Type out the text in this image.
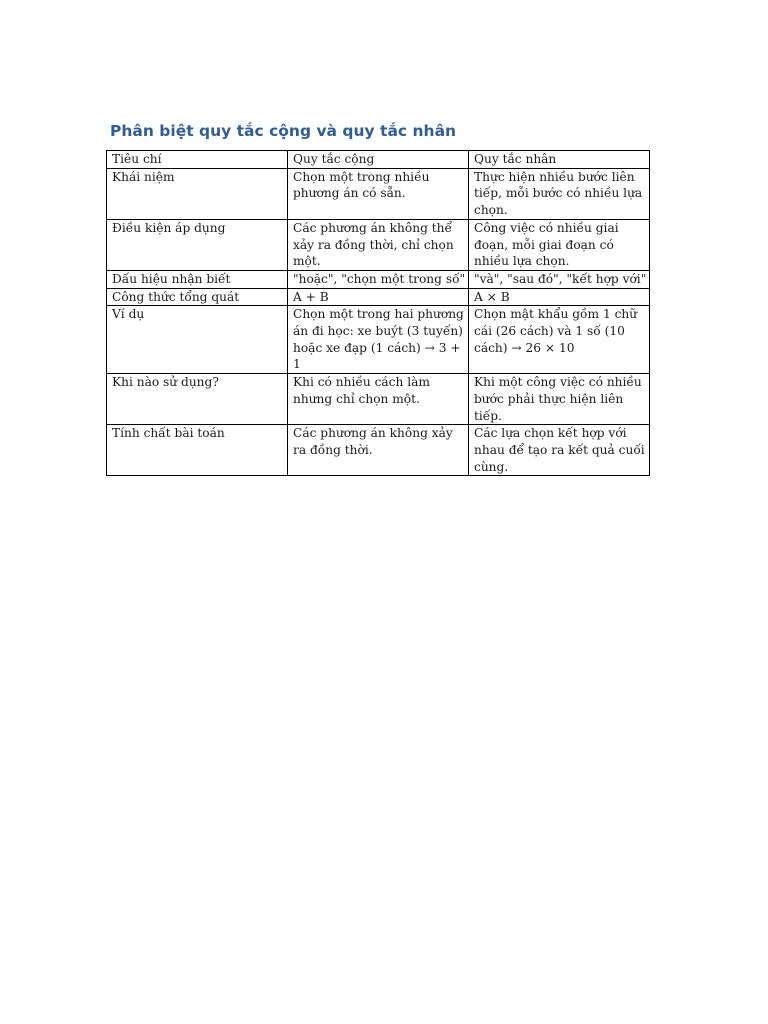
Phân biệt quy tắc cộng và quy tắc nhân
Tiêu chí	Quy tắc cộng	Quy tắc nhân
Khái niệm	Chọn một trong nhiều phương án có sẵn.	Thực hiện nhiều bước liên tiếp, mỗi bước có nhiều lựa chọn.
Điều kiện áp dụng	Các phương án không thể xảy ra đồng thời, chỉ chọn một.	Công việc có nhiều giai đoạn, mỗi giai đoạn có nhiều lựa chọn.
Dấu hiệu nhận biết	"hoặc", "chọn một trong số"	"và", "sau đó", "kết hợp với"
Công thức tổng quát	A + B	A × B
Ví dụ	Chọn một trong hai phương án đi học: xe buýt (3 tuyến) hoặc xe đạp (1 cách) → 3 + 1	Chọn mật khẩu gồm 1 chữ cái (26 cách) và 1 số (10 cách) → 26 × 10
Khi nào sử dụng?	Khi có nhiều cách làm nhưng chỉ chọn một.	Khi một công việc có nhiều bước phải thực hiện liên tiếp.
Tính chất bài toán	Các phương án không xảy ra đồng thời.	Các lựa chọn kết hợp với nhau để tạo ra kết quả cuối cùng.
